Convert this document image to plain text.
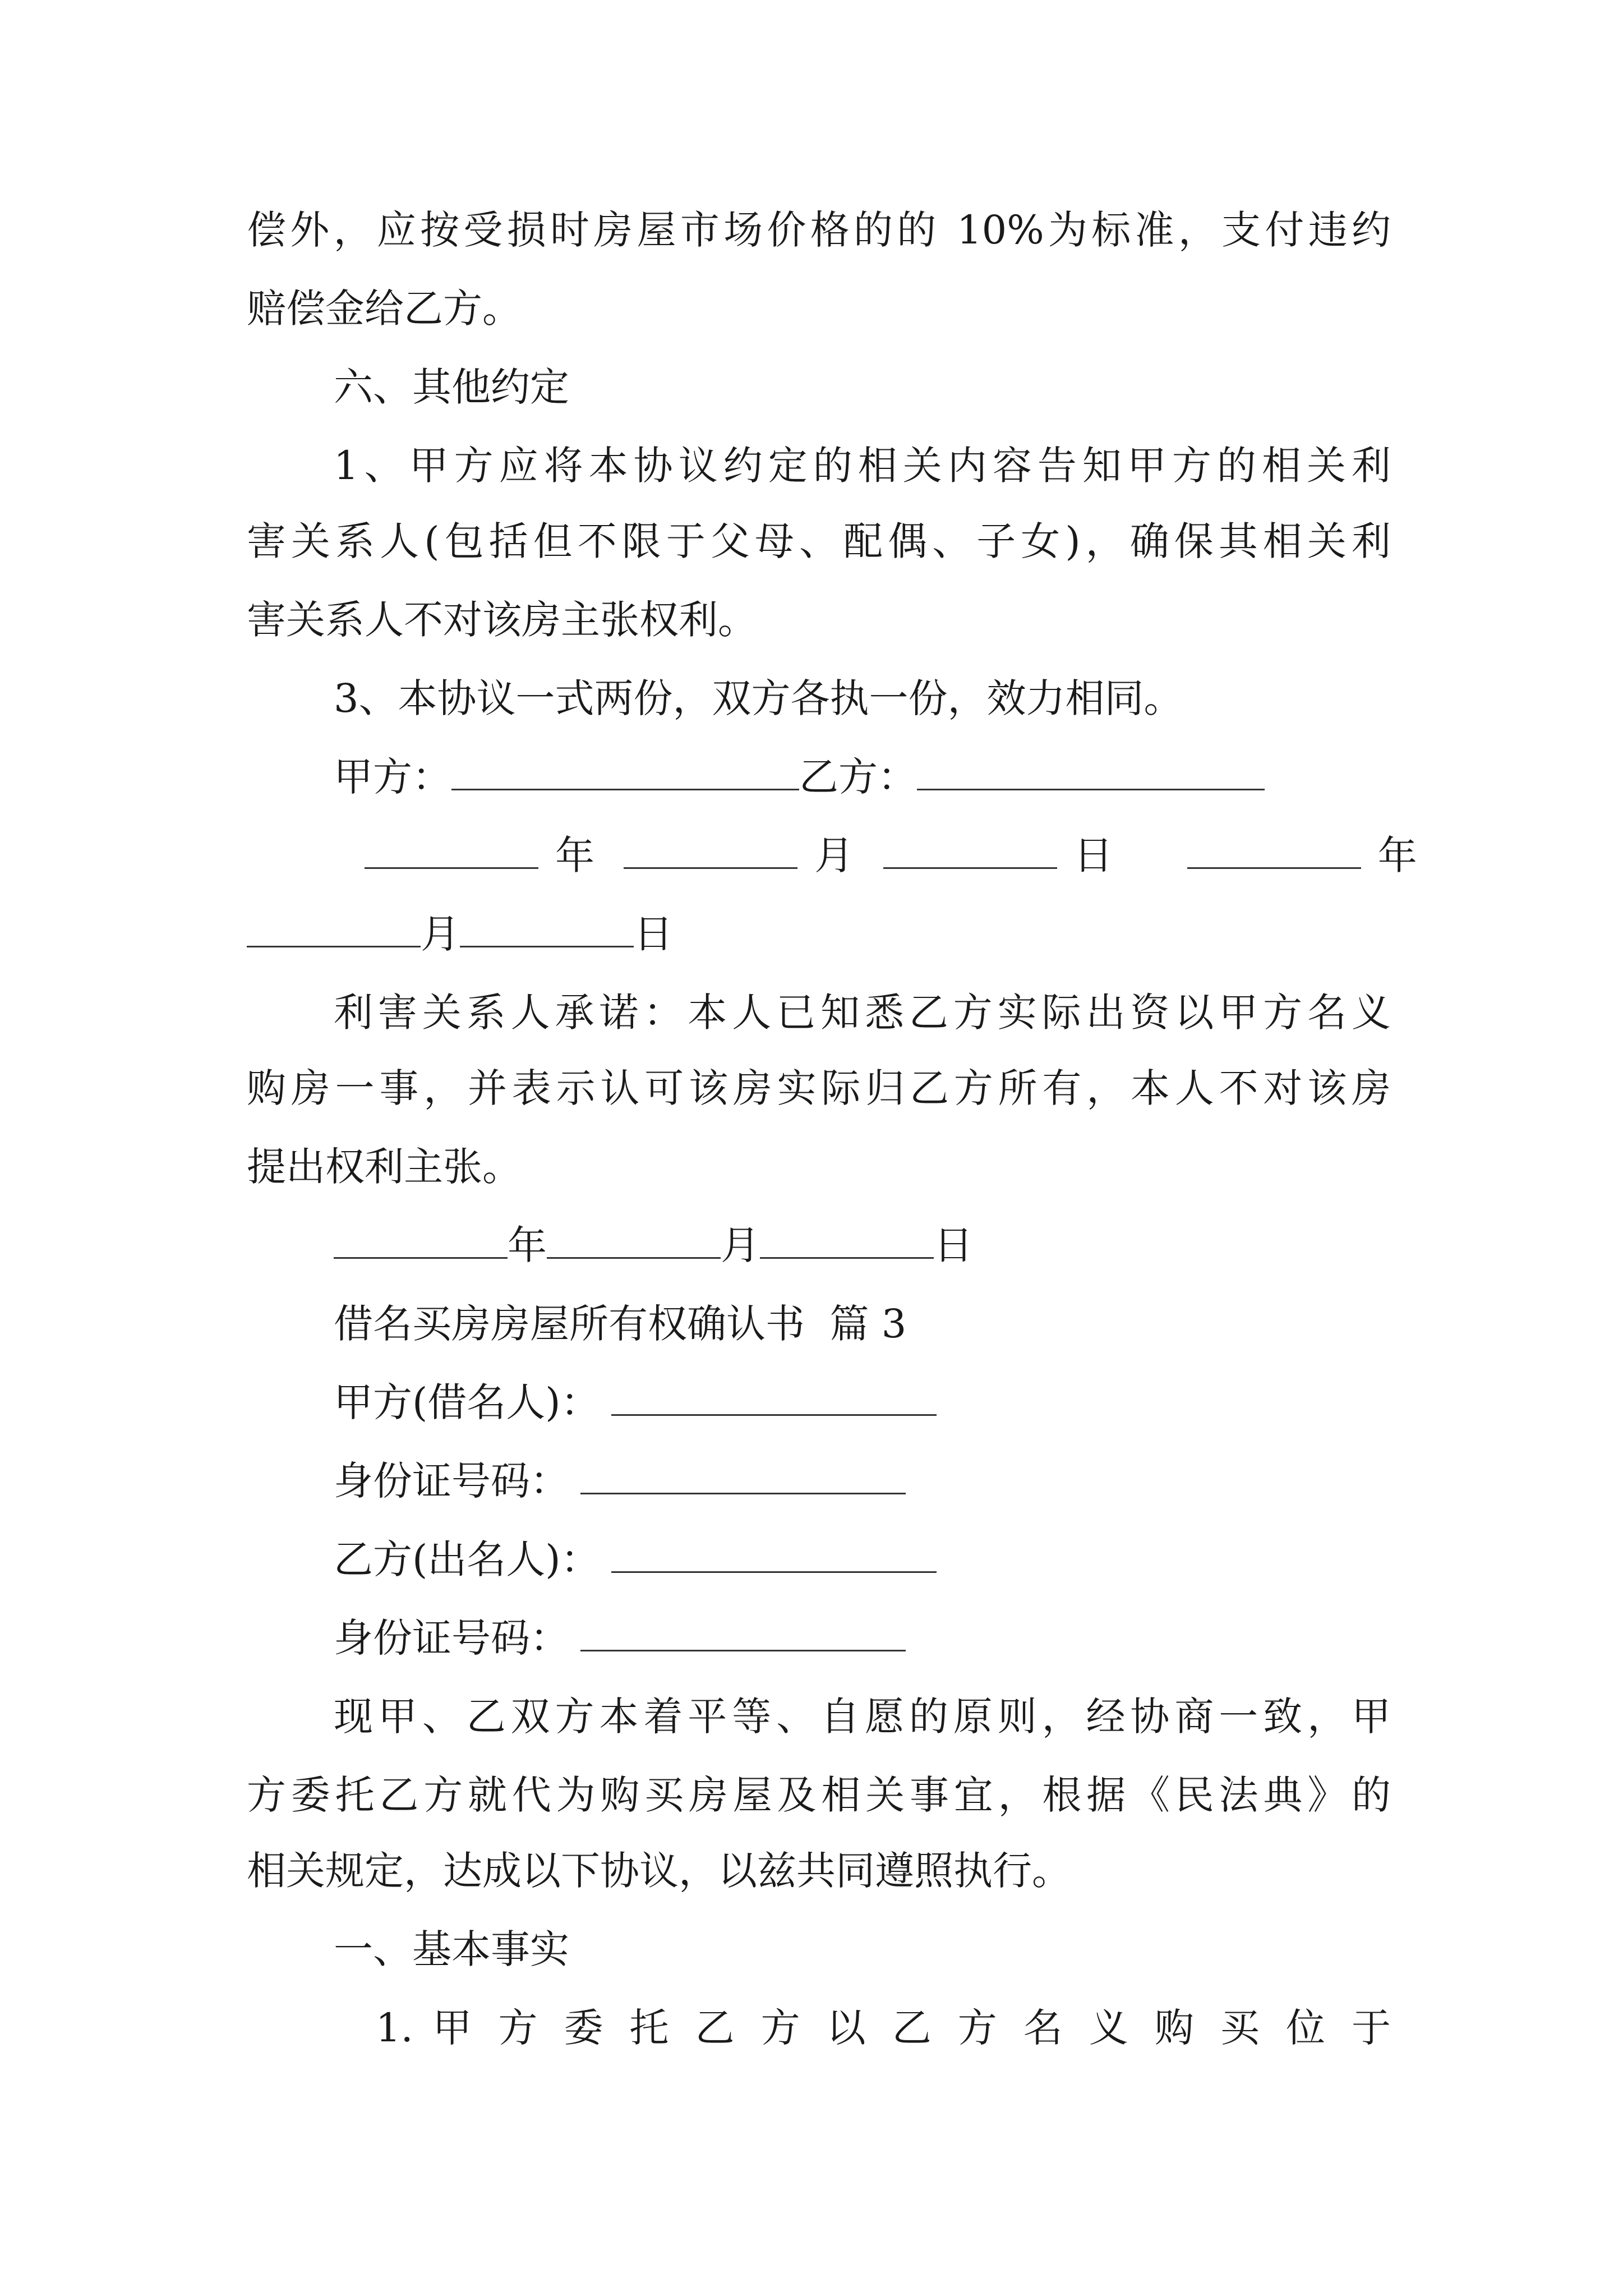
偿外，应按受损时房屋市场价格的的 10%为标准，支付违约
赔偿金给乙方。
六、其他约定
1、甲方应将本协议约定的相关内容告知甲方的相关利
害关系人(包括但不限于父母、配偶、子女)，确保其相关利
害关系人不对该房主张权利。
3、本协议一式两份，双方各执一份，效力相同。
甲方：	乙方：
年	月	日	年
月	日
利害关系人承诺：本人已知悉乙方实际出资以甲方名义
购房一事，并表示认可该房实际归乙方所有，本人不对该房
提出权利主张。
年	月	日
借名买房房屋所有权确认书  篇 3
甲方(借名人)：
身份证号码：
乙方(出名人)：
身份证号码：
现甲、乙双方本着平等、自愿的原则，经协商一致，甲
方委托乙方就代为购买房屋及相关事宜，根据《民法典》的
相关规定，达成以下协议，以兹共同遵照执行。
一、基本事实
1. 甲 方 委 托 乙 方 以 乙 方 名 义 购 买 位 于
